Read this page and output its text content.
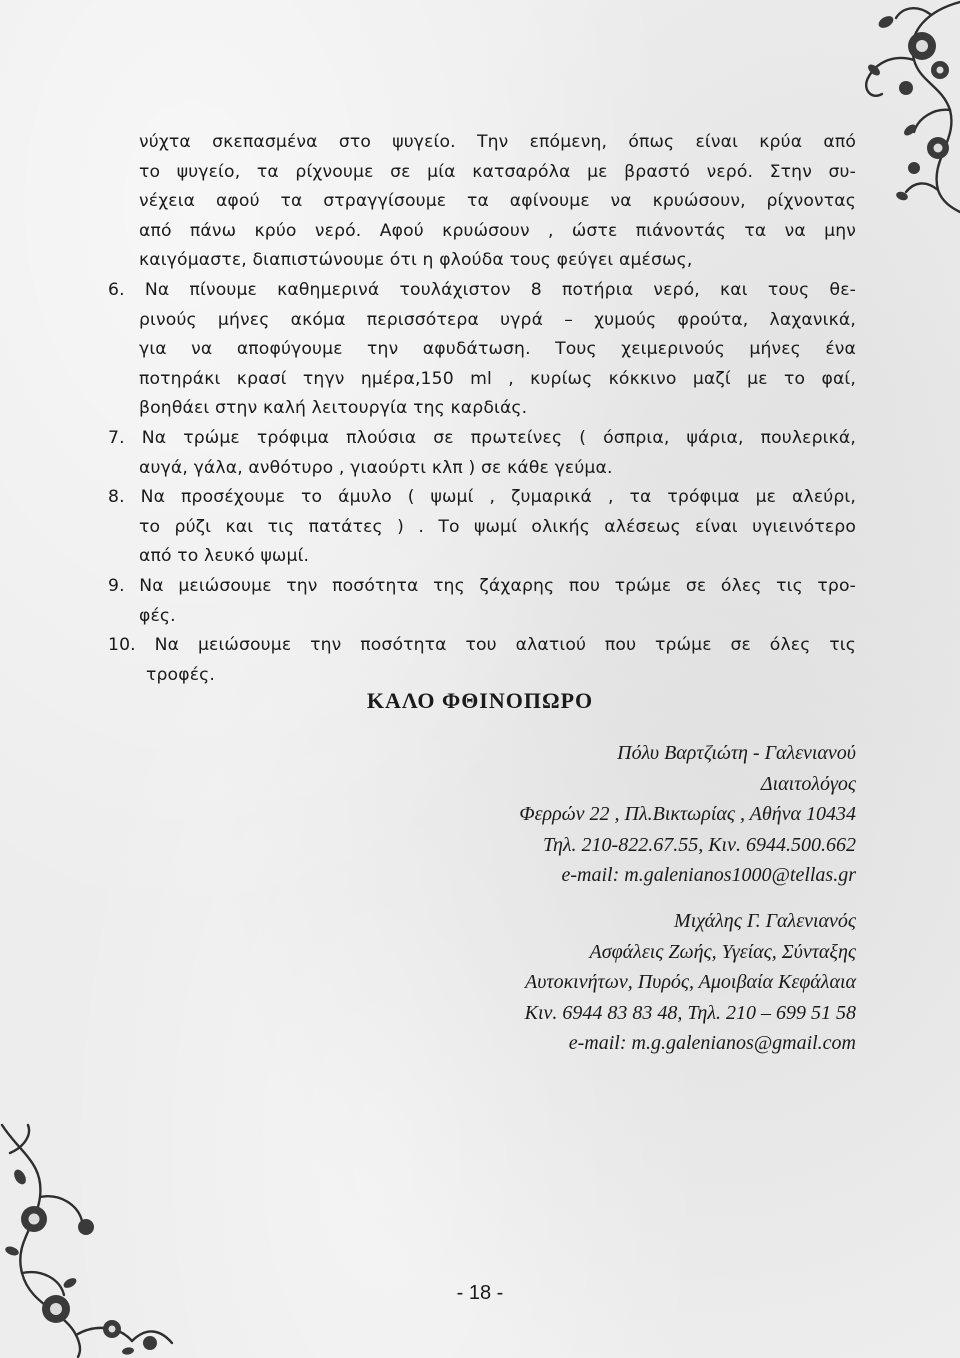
νύχτα σκεπασμένα στο ψυγείο. Την επόμενη, όπως είναι κρύα από
το ψυγείο, τα ρίχνουμε σε μία κατσαρόλα με βραστό νερό. Στην συ-
νέχεια αφού τα στραγγίσουμε τα αφίνουμε να κρυώσουν, ρίχνοντας
από πάνω κρύο νερό. Αφού κρυώσουν , ώστε πιάνοντάς τα να μην
καιγόμαστε, διαπιστώνουμε ότι η φλούδα τους φεύγει αμέσως,

6. Να πίνουμε καθημερινά τουλάχιστον 8 ποτήρια νερό, και τους θε-
ρινούς μήνες ακόμα περισσότερα υγρά – χυμούς φρούτα, λαχανικά,
για να αποφύγουμε την αφυδάτωση. Τους χειμερινούς μήνες ένα
ποτηράκι κρασί τηγν ημέρα,150 ml , κυρίως κόκκινο μαζί με το φαί,
βοηθάει στην καλή λειτουργία της καρδιάς.

7. Να τρώμε τρόφιμα πλούσια σε πρωτείνες ( όσπρια, ψάρια, πουλερικά,
αυγά, γάλα, ανθότυρο , γιαούρτι κλπ ) σε κάθε γεύμα.

8. Να προσέχουμε το άμυλο ( ψωμί , ζυμαρικά , τα τρόφιμα με αλεύρι,
το ρύζι και τις πατάτες ) . Το ψωμί ολικής αλέσεως είναι υγιεινότερο
από το λευκό ψωμί.

9. Να μειώσουμε την ποσότητα της ζάχαρης που τρώμε σε όλες τις τρο-
φές.

10. Να μειώσουμε την ποσότητα του αλατιού που τρώμε σε όλες τις
τροφές.

ΚΑΛΟ ΦΘΙΝΟΠΩΡΟ
Πόλυ Βαρτζιώτη - Γαλενιανού
Διαιτολόγος
Φερρών 22 , Πλ.Βικτωρίας , Αθήνα 10434
Τηλ. 210-822.67.55, Κιν. 6944.500.662
e-mail: m.galenianos1000@tellas.gr
Μιχάλης Γ. Γαλενιανός
Ασφάλεις Ζωής, Υγείας, Σύνταξης
Αυτοκινήτων, Πυρός, Αμοιβαία Κεφάλαια
Κιν. 6944 83 83 48, Τηλ. 210 – 699 51 58
e-mail: m.g.galenianos@gmail.com
- 18 -
